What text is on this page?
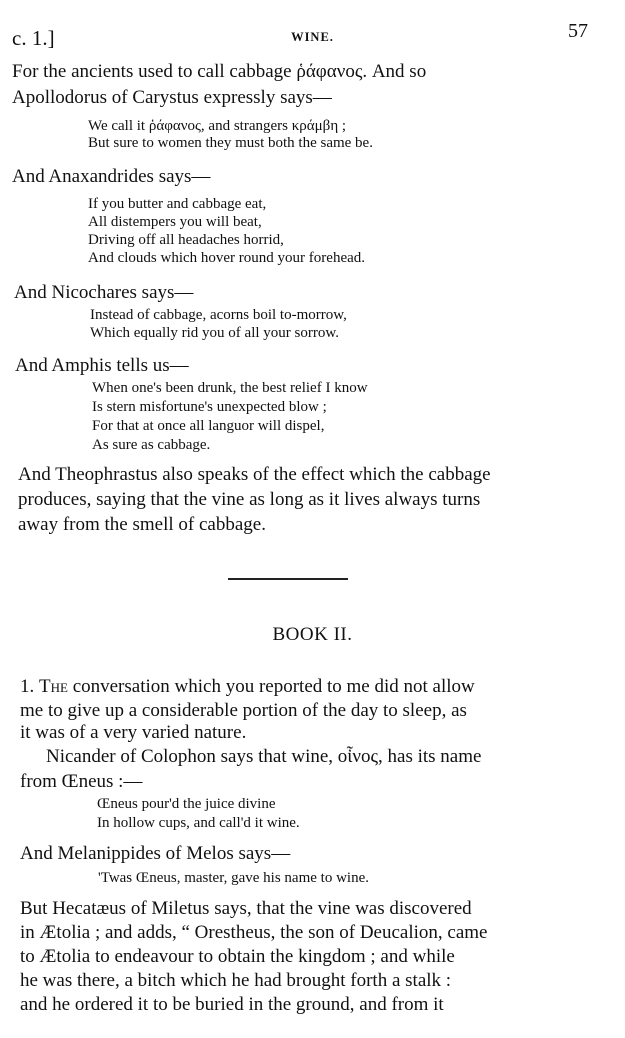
c. 1.]	WINE.	57
For the ancients used to call cabbage ῥάφανος. And so
Apollodorus of Carystus expressly says—
We call it ῥάφανος, and strangers κράμβη ;
But sure to women they must both the same be.
And Anaxandrides says—
If you butter and cabbage eat,
All distempers you will beat,
Driving off all headaches horrid,
And clouds which hover round your forehead.
And Nicochares says—
Instead of cabbage, acorns boil to-morrow,
Which equally rid you of all your sorrow.
And Amphis tells us—
When one's been drunk, the best relief I know
Is stern misfortune's unexpected blow ;
For that at once all languor will dispel,
As sure as cabbage.
And Theophrastus also speaks of the effect which the cabbage
produces, saying that the vine as long as it lives always turns
away from the smell of cabbage.
BOOK II.
1. The conversation which you reported to me did not allow
me to give up a considerable portion of the day to sleep, as
it was of a very varied nature.
Nicander of Colophon says that wine, οἶνος, has its name
from Œneus :—
Œneus pour'd the juice divine
In hollow cups, and call'd it wine.
And Melanippides of Melos says—
'Twas Œneus, master, gave his name to wine.
But Hecatæus of Miletus says, that the vine was discovered
in Ætolia ; and adds, “ Orestheus, the son of Deucalion, came
to Ætolia to endeavour to obtain the kingdom ; and while
he was there, a bitch which he had brought forth a stalk :
and he ordered it to be buried in the ground, and from it
